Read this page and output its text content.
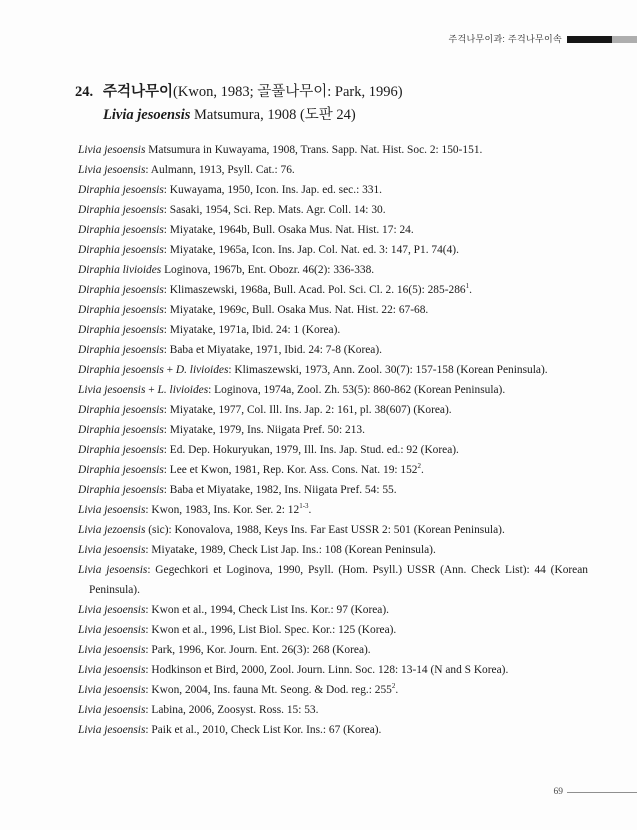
주걱나무이과: 주걱나무이속
24. 주걱나무이(Kwon, 1983; 골풀나무이: Park, 1996)
Livia jesoensis Matsumura, 1908 (도판 24)

Livia jesoensis Matsumura in Kuwayama, 1908, Trans. Sapp. Nat. Hist. Soc. 2: 150-151.

Livia jesoensis: Aulmann, 1913, Psyll. Cat.: 76.

Diraphia jesoensis: Kuwayama, 1950, Icon. Ins. Jap. ed. sec.: 331.

Diraphia jesoensis: Sasaki, 1954, Sci. Rep. Mats. Agr. Coll. 14: 30.

Diraphia jesoensis: Miyatake, 1964b, Bull. Osaka Mus. Nat. Hist. 17: 24.

Diraphia jesoensis: Miyatake, 1965a, Icon. Ins. Jap. Col. Nat. ed. 3: 147, P1. 74(4).

Diraphia livioides Loginova, 1967b, Ent. Obozr. 46(2): 336-338.

Diraphia jesoensis: Klimaszewski, 1968a, Bull. Acad. Pol. Sci. Cl. 2. 16(5): $285-286^1$.

Diraphia jesoensis: Miyatake, 1969c, Bull. Osaka Mus. Nat. Hist. 22: 67-68.

Diraphia jesoensis: Miyatake, 1971a, Ibid. 24: 1 (Korea).

Diraphia jesoensis: Baba et Miyatake, 1971, Ibid. 24: 7-8 (Korea).

Diraphia jesoensis + D. livioides: Klimaszewski, 1973, Ann. Zool. 30(7): 157-158 (Korean Peninsula).

Livia jesoensis + L. livioides: Loginova, 1974a, Zool. Zh. 53(5): 860-862 (Korean Peninsula).

Diraphia jesoensis: Miyatake, 1977, Col. Ill. Ins. Jap. 2: 161, pl. 38(607) (Korea).

Diraphia jesoensis: Miyatake, 1979, Ins. Niigata Pref. 50: 213.

Diraphia jesoensis: Ed. Dep. Hokuryukan, 1979, Ill. Ins. Jap. Stud. ed.: 92 (Korea).

Diraphia jesoensis: Lee et Kwon, 1981, Rep. Kor. Ass. Cons. Nat. 19: $152^2$.

Diraphia jesoensis: Baba et Miyatake, 1982, Ins. Niigata Pref. 54: 55.

Livia jesoensis: Kwon, 1983, Ins. Kor. Ser. 2: 12$^{1-3}$.

Livia jezoensis (sic): Konovalova, 1988, Keys Ins. Far East USSR 2: 501 (Korean Peninsula).

Livia jesoensis: Miyatake, 1989, Check List Jap. Ins.: 108 (Korean Peninsula).

Livia jesoensis: Gegechkori et Loginova, 1990, Psyll. (Hom. Psyll.) USSR (Ann. Check List): 44 (Korean Peninsula).

Livia jesoensis: Kwon et al., 1994, Check List Ins. Kor.: 97 (Korea).

Livia jesoensis: Kwon et al., 1996, List Biol. Spec. Kor.: 125 (Korea).

Livia jesoensis: Park, 1996, Kor. Journ. Ent. 26(3): 268 (Korea).

Livia jesoensis: Hodkinson et Bird, 2000, Zool. Journ. Linn. Soc. 128: 13-14 (N and S Korea).

Livia jesoensis: Kwon, 2004, Ins. fauna Mt. Seong. & Dod. reg.: $255^2$.

Livia jesoensis: Labina, 2006, Zoosyst. Ross. 15: 53.

Livia jesoensis: Paik et al., 2010, Check List Kor. Ins.: 67 (Korea).

69
